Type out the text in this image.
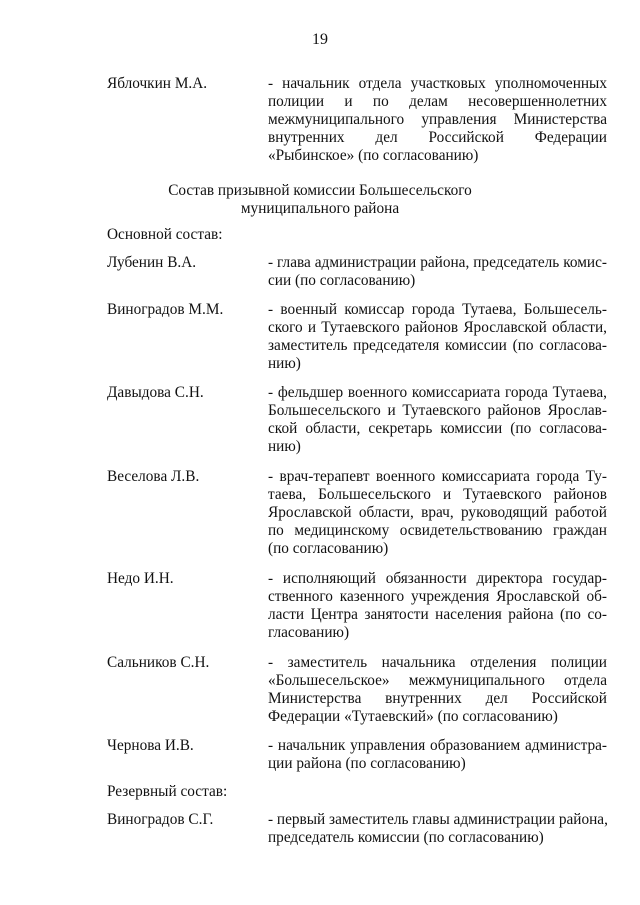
19
Яблочкин М.А.	- начальник отдела участковых уполномоченных
полиции и по делам несовершеннолетних
межмуниципального управления Министерства
внутренних дел Российской Федерации
«Рыбинское» (по согласованию)
Состав призывной комиссии Большесельского
муниципального района
Основной состав:
Лубенин В.А.	- глава администрации района, председатель комис-
сии (по согласованию)
Виноградов М.М.	- военный комиссар города Тутаева, Большесель-
ского и Тутаевского районов Ярославской области,
заместитель председателя комиссии (по согласова-
нию)
Давыдова С.Н.	- фельдшер военного комиссариата города Тутаева,
Большесельского и Тутаевского районов Ярослав-
ской области, секретарь комиссии (по согласова-
нию)
Веселова Л.В.	- врач-терапевт военного комиссариата города Ту-
таева, Большесельского и Тутаевского районов
Ярославской области, врач, руководящий работой
по медицинскому освидетельствованию граждан
(по согласованию)
Недо И.Н.	- исполняющий обязанности директора государ-
ственного казенного учреждения Ярославской об-
ласти Центра занятости населения района (по со-
гласованию)
Сальников С.Н.	- заместитель начальника отделения полиции
«Большесельское» межмуниципального отдела
Министерства внутренних дел Российской
Федерации «Тутаевский» (по согласованию)
Чернова И.В.	- начальник управления образованием администра-
ции района (по согласованию)
Резервный состав:
Виноградов С.Г.	- первый заместитель главы администрации района,
председатель комиссии (по согласованию)
